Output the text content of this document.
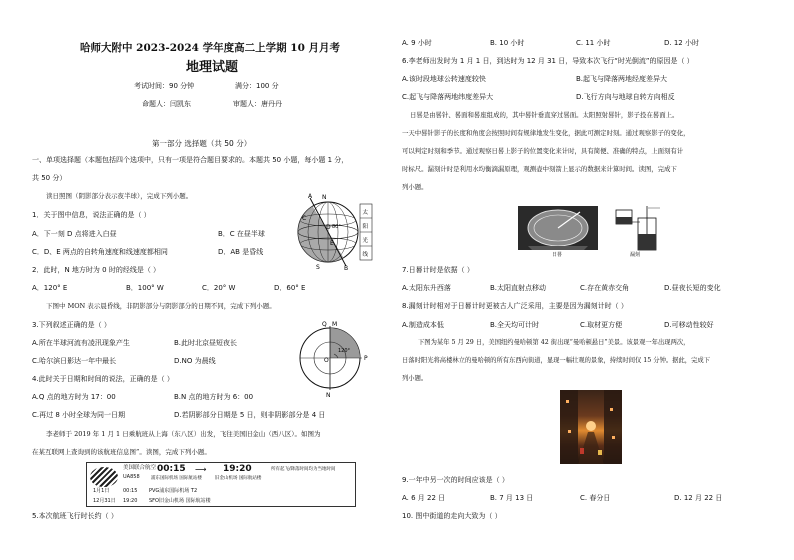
哈师大附中 2023-2024 学年度高二上学期 10 月月考
地理试题
考试时间：90 分钟	满分：100 分
命题人：闫凯东	审题人：唐丹丹
第一部分 选择题（共 50 分）
一、单项选择题（本题包括四个选项中，只有一项是符合题目要求的。本题共 50 小题，每小题 1 分，
共 50 分）
读日照图（阴影部分表示夜半球），完成下列小题。
1．关于图中信息，说法正确的是（ ）
A．下一刻 D 点将进入白昼	B．C 在昼半球
C．D、E 两点的自转角速度和线速度都相同	D．AB 是昏线
A N
B
S
C
D
E
80°
太
阳
光
线
2．此时，N 地方时为 0 时的经线是（ ）
A．120° E	B．100° W	C．20° W	D．60° E
下图中 MON 表示晨昏线，非阴影部分与阴影部分的日期不同，完成下列小题。
3.下列叙述正确的是（ ）
A.所在半球河流有凌汛现象产生	B.此时北京昼短夜长
C.哈尔滨日影达一年中最长	D.NO 为晨线
Q M
O	P
N
120°
4.此时关于日期和时间的说法，正确的是（ ）
A.Q 点的地方时为 17：00	B.N 点的地方时为 6：00
C.再过 8 小时全球为同一日期	D.若阴影部分日期是 5 日，则非阴影部分是 4 日
李老师于 2019 年 1 月 1 日乘航班从上海（东八区）出发，飞往美国旧金山（西八区）。如图为
在某互联网上查询到的该航班信息图”。读图，完成下列小题。
美国联合航空
UA858
00:15 ⟶ 19:20	所有起飞/降落时间均为当地时间
浦东国际机场 国际航站楼	旧金山机场 国际航站楼
1月1日	00:15 PVG浦东国际机场 T2
12月31日 19:20 SFO旧金山机场 国际航站楼
5.本次航班飞行时长约（ ）
A. 9 小时	B. 10 小时	C. 11 小时	D. 12 小时
6.李老师出发时为 1 月 1 日，到达时为 12 月 31 日，导致本次飞行“时光倒流”的原因是（ ）
A.该时段地球公转速度较快	B.起飞与降落两地经度差异大
C.起飞与降落两地纬度差异大	D.飞行方向与地球自转方向相反
日晷是由晷针、晷面和晷座组成的，其中晷针垂直穿过晷面。太阳照射晷针，影子投在晷面上。
一天中晷针影子的长度和角度会按照时间有规律地发生变化，据此可测定时刻。通过观察影子的变化，
可以判定时刻和季节。通过观察日晷上影子的位置变化来计时，具有简便、准确的特点，上面刻有计
时标尺。漏刻计时是利用水均衡滴漏原理，观测壶中刻箭上显示的数据来计算时间。读图，完成下
列小题。
日晷	漏刻
7.日晷计时是依据（ ）
A.太阳东升西落	B.太阳直射点移动	C.存在黄赤交角	D.昼夜长短的变化
8.漏刻计时相对于日晷计时更被古人广泛采用，主要是因为漏刻计时（ ）
A.制造成本低	B.全天均可计时	C.取材更方便	D.可移动性较好
下图为某年 5 月 29 日，美国纽约曼哈顿第 42 街出现“曼哈顿悬日”美景。该景观一年出现两次，
日落时阳光将高楼林立的曼哈顿的所有东西向街道，显现一幅壮观的景象，持续时间仅 15 分钟。据此，完成下
列小题。
9.一年中另一次的时间应该是（ ）
A. 6 月 22 日	B. 7 月 13 日	C. 春分日	D. 12 月 22 日
10. 图中街道的走向大致为（ ）
